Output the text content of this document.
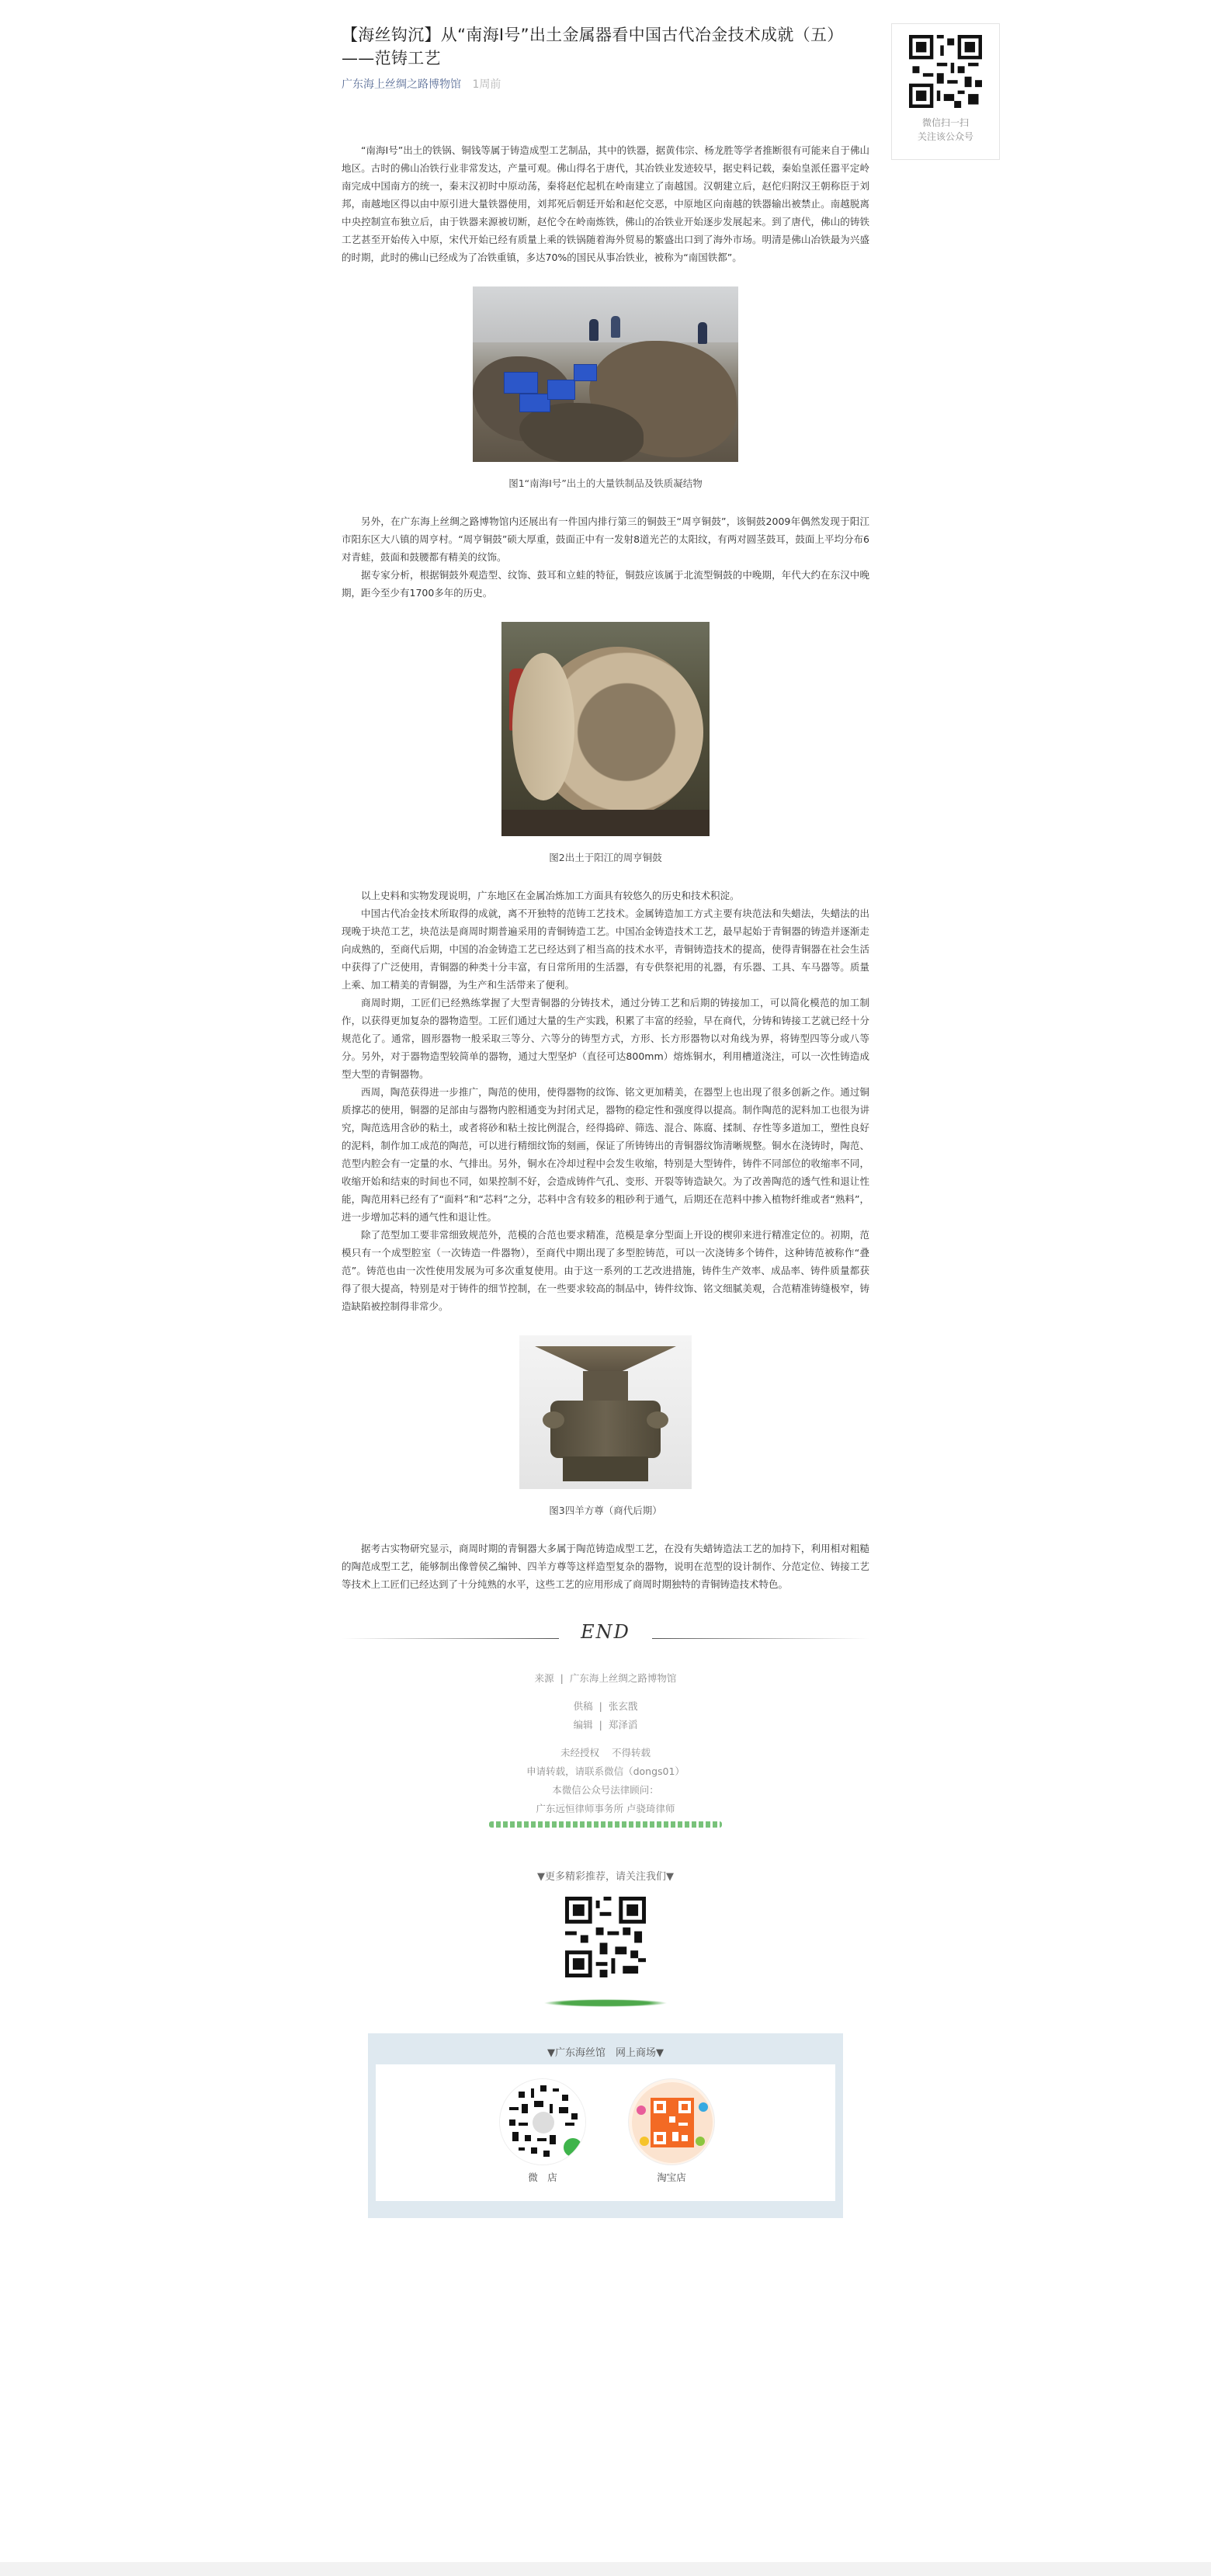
【海丝钩沉】从“南海Ⅰ号”出土金属器看中国古代冶金技术成就（五）——范铸工艺
广东海上丝绸之路博物馆 1周前

“南海Ⅰ号”出土的铁锅、铜钱等属于铸造成型工艺制品，其中的铁器，据黄伟宗、杨龙胜等学者推断很有可能来自于佛山地区。古时的佛山冶铁行业非常发达，产量可观。佛山得名于唐代，其冶铁业发迹较早，据史料记载，秦始皇派任嚣平定岭南完成中国南方的统一，秦末汉初时中原动荡，秦将赵佗起机在岭南建立了南越国。汉朝建立后，赵佗归附汉王朝称臣于刘邦，南越地区得以由中原引进大量铁器使用，刘邦死后朝廷开始和赵佗交恶，中原地区向南越的铁器输出被禁止。南越脱离中央控制宣布独立后，由于铁器来源被切断，赵佗令在岭南炼铁，佛山的冶铁业开始逐步发展起来。到了唐代，佛山的铸铁工艺甚至开始传入中原，宋代开始已经有质量上乘的铁锅随着海外贸易的繁盛出口到了海外市场。明清是佛山冶铁最为兴盛的时期，此时的佛山已经成为了冶铁重镇，多达70%的国民从事冶铁业，被称为“南国铁都”。

图1“南海Ⅰ号”出土的大量铁制品及铁质凝结物

另外，在广东海上丝绸之路博物馆内还展出有一件国内排行第三的铜鼓王“周亨铜鼓”，该铜鼓2009年偶然发现于阳江市阳东区大八镇的周亨村。“周亨铜鼓”硕大厚重，鼓面正中有一发射8道光芒的太阳纹，有两对圆茎鼓耳，鼓面上平均分布6对青蛙，鼓面和鼓腰都有精美的纹饰。

据专家分析，根据铜鼓外观造型、纹饰、鼓耳和立蛙的特征，铜鼓应该属于北流型铜鼓的中晚期，年代大约在东汉中晚期，距今至少有1700多年的历史。

图2出土于阳江的周亨铜鼓

以上史料和实物发现说明，广东地区在金属冶炼加工方面具有较悠久的历史和技术积淀。

中国古代冶金技术所取得的成就，离不开独特的范铸工艺技术。金属铸造加工方式主要有块范法和失蜡法，失蜡法的出现晚于块范工艺，块范法是商周时期普遍采用的青铜铸造工艺。中国冶金铸造技术工艺，最早起始于青铜器的铸造并逐渐走向成熟的，至商代后期，中国的冶金铸造工艺已经达到了相当高的技术水平，青铜铸造技术的提高，使得青铜器在社会生活中获得了广泛使用，青铜器的种类十分丰富，有日常所用的生活器，有专供祭祀用的礼器，有乐器、工具、车马器等。质量上乘、加工精美的青铜器，为生产和生活带来了便利。

商周时期，工匠们已经熟练掌握了大型青铜器的分铸技术，通过分铸工艺和后期的铸接加工，可以简化模范的加工制作，以获得更加复杂的器物造型。工匠们通过大量的生产实践，积累了丰富的经验，早在商代，分铸和铸接工艺就已经十分规范化了。通常，圆形器物一般采取三等分、六等分的铸型方式，方形、长方形器物以对角线为界，将铸型四等分或八等分。另外，对于器物造型较简单的器物，通过大型坚炉（直径可达800mm）熔炼铜水，利用槽道浇注，可以一次性铸造成型大型的青铜器物。

西周，陶范获得进一步推广，陶范的使用，使得器物的纹饰、铭文更加精美，在器型上也出现了很多创新之作。通过铜质撑芯的使用，铜器的足部由与器物内腔相通变为封闭式足，器物的稳定性和强度得以提高。制作陶范的泥料加工也很为讲究，陶范选用含砂的粘土，或者将砂和粘土按比例混合，经得捣碎、筛选、混合、陈腐、揉制、存性等多道加工，塑性良好的泥料，制作加工成范的陶范，可以进行精细纹饰的刻画，保证了所铸铸出的青铜器纹饰清晰规整。铜水在浇铸时，陶范、范型内腔会有一定量的水、气排出。另外，铜水在冷却过程中会发生收缩，特别是大型铸件，铸件不同部位的收缩率不同，收缩开始和结束的时间也不同，如果控制不好，会造成铸件气孔、变形、开裂等铸造缺欠。为了改善陶范的透气性和退让性能，陶范用料已经有了“面料”和“芯料”之分，芯料中含有较多的粗砂利于通气，后期还在范料中掺入植物纤维或者“熟料”，进一步增加芯料的通气性和退让性。

除了范型加工要非常细致规范外，范模的合范也要求精准，范模是拿分型面上开设的楔卯来进行精准定位的。初期，范模只有一个成型腔室（一次铸造一件器物），至商代中期出现了多型腔铸范，可以一次浇铸多个铸件，这种铸范被称作“叠范”。铸范也由一次性使用发展为可多次重复使用。由于这一系列的工艺改进措施，铸件生产效率、成品率、铸件质量都获得了很大提高，特别是对于铸件的细节控制，在一些要求较高的制品中，铸件纹饰、铭文细腻美观，合范精准铸缝极窄，铸造缺陷被控制得非常少。

图3四羊方尊（商代后期）

据考古实物研究显示，商周时期的青铜器大多属于陶范铸造成型工艺，在没有失蜡铸造法工艺的加持下，利用相对粗糙的陶范成型工艺，能够制出像曾侯乙编钟、四羊方尊等这样造型复杂的器物，说明在范型的设计制作、分范定位、铸接工艺等技术上工匠们已经达到了十分纯熟的水平，这些工艺的应用形成了商周时期独特的青铜铸造技术特色。

END
来源 | 广东海上丝绸之路博物馆
供稿 | 张玄戬
编辑 | 郑泽滔
未经授权 不得转载
申请转载，请联系微信（dongs01）
本微信公众号法律顾问：
广东远恒律师事务所 卢骁琦律师
▼更多精彩推荐，请关注我们▼
▼广东海丝馆　网上商场▼
微　店	淘宝店
微信扫一扫
关注该公众号
